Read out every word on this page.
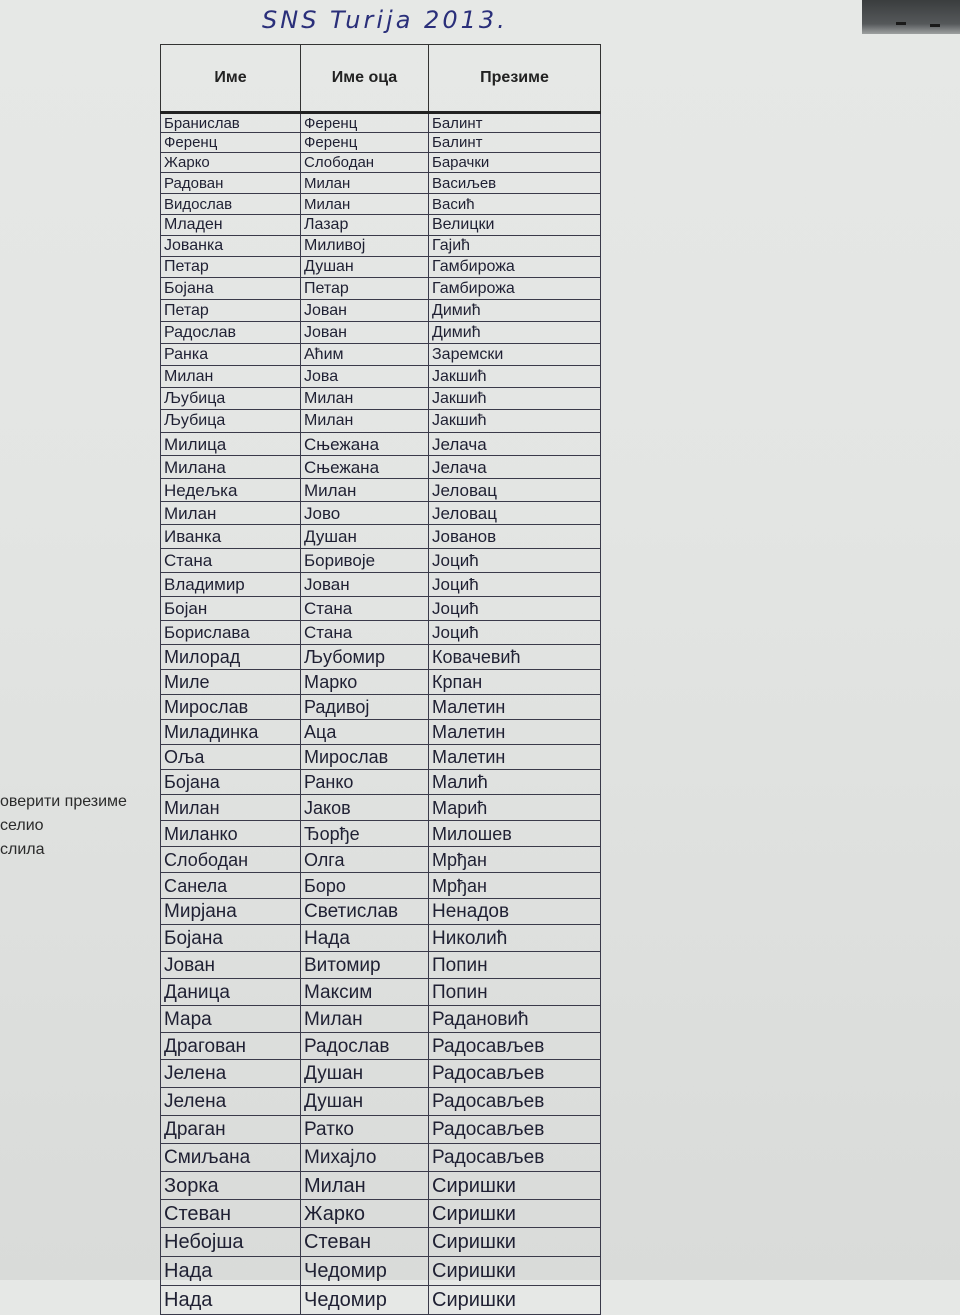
SNS Turija 2013.
оверити презиме
селио
слила
Име	Име оца	Презиме
Бранислав	Ференц	Балинт
Ференц	Ференц	Балинт
Жарко	Слободан	Барачки
Радован	Милан	Васиљев
Видослав	Милан	Васић
Младен	Лазар	Велицки
Јованка	Миливој	Гајић
Петар	Душан	Гамбирожа
Бојана	Петар	Гамбирожа
Петар	Јован	Димић
Радослав	Јован	Димић
Ранка	Аћим	Заремски
Милан	Јова	Јакшић
Љубица	Милан	Јакшић
Љубица	Милан	Јакшић
Милица	Сњежана	Јелача
Милана	Сњежана	Јелача
Недељка	Милан	Јеловац
Милан	Јово	Јеловац
Иванка	Душан	Јованов
Стана	Боривоје	Јоцић
Владимир	Јован	Јоцић
Бојан	Стана	Јоцић
Борислава	Стана	Јоцић
Милорад	Љубомир	Ковачевић
Миле	Марко	Крпан
Мирослав	Радивој	Малетин
Миладинка	Аца	Малетин
Оља	Мирослав	Малетин
Бојана	Ранко	Малић
Милан	Јаков	Марић
Миланко	Ђорђе	Милошев
Слободан	Олга	Мрђан
Санела	Боро	Мрђан
Мирјана	Светислав	Ненадов
Бојана	Нада	Николић
Јован	Витомир	Попин
Даница	Максим	Попин
Мара	Милан	Радановић
Драгован	Радослав	Радосављев
Јелена	Душан	Радосављев
Јелена	Душан	Радосављев
Драган	Ратко	Радосављев
Смиљана	Михајло	Радосављев
Зорка	Милан	Сиришки
Стеван	Жарко	Сиришки
Небојша	Стеван	Сиришки
Нада	Чедомир	Сиришки
Нада	Чедомир	Сиришки
